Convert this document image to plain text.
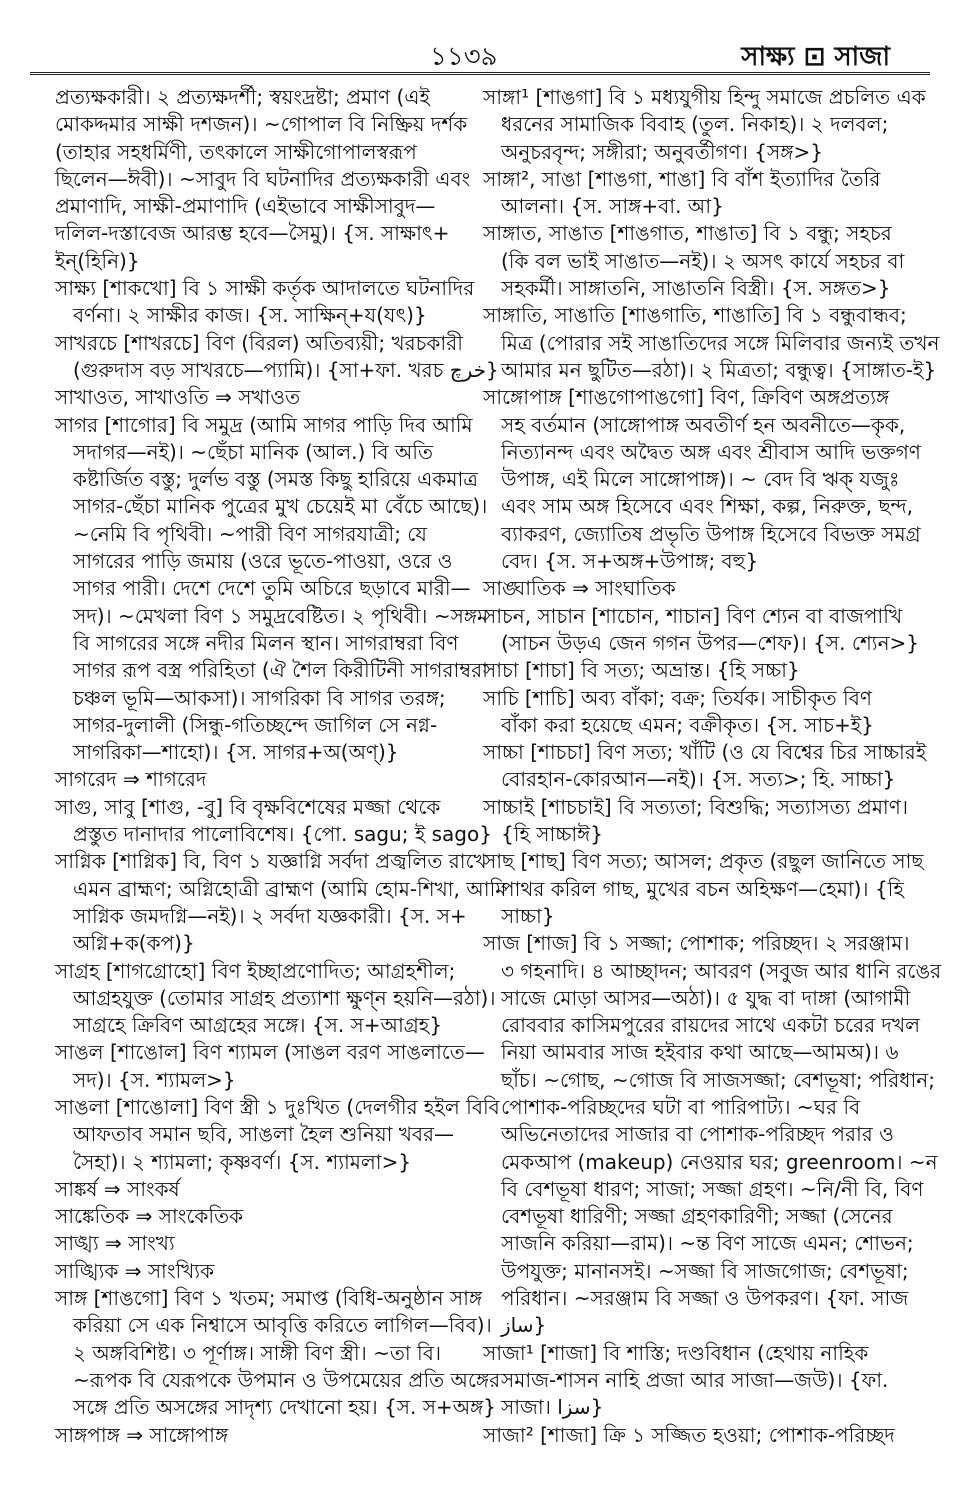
১১৩৯	সাক্ষ্য ⊡ সাজা
প্রত্যক্ষকারী। ২ প্রত্যক্ষদর্শী; স্বয়ংদ্রষ্টা; প্রমাণ (এই
মোকদ্দমার সাক্ষী দশজন)। ~গোপাল বি নিষ্ক্রিয় দর্শক
(তাহার সহধর্মিণী, তৎকালে সাক্ষীগোপালস্বরূপ
ছিলেন—ঈবী)। ~সাবুদ বি ঘটনাদির প্রত্যক্ষকারী এবং
প্রমাণাদি, সাক্ষী-প্রমাণাদি (এইভাবে সাক্ষীসাবুদ—
দলিল-দস্তাবেজ আরম্ভ হবে—সৈমু)। {স. সাক্ষাৎ+
ইন্(হিনি)}
সাক্ষ্য [শাকখো] বি ১ সাক্ষী কর্তৃক আদালতে ঘটনাদির
বর্ণনা। ২ সাক্ষীর কাজ। {স. সাক্ষিন্+য(যৎ)}
সাখরচে [শাখরচে] বিণ (বিরল) অতিব্যয়ী; খরচকারী
(গুরুদাস বড় সাখরচে—প্যামি)। {সা+ফা. খরচ خرچ}
সাখাওত, সাখাওতি ⇒ সখাওত
সাগর [শাগোর] বি সমুদ্র (আমি সাগর পাড়ি দিব আমি
সদাগর—নই)। ~ছেঁচা মানিক (আল.) বি অতি
কষ্টার্জিত বস্তু; দুর্লভ বস্তু (সমস্ত কিছু হারিয়ে একমাত্র
সাগর-ছেঁচা মানিক পুত্রের মুখ চেয়েই মা বেঁচে আছে)।
~নেমি বি পৃথিবী। ~পারী বিণ সাগরযাত্রী; যে
সাগরের পাড়ি জমায় (ওরে ভূতে-পাওয়া, ওরে ও
সাগর পারী। দেশে দেশে তুমি অচিরে ছড়াবে মারী—
সদ)। ~মেখলা বিণ ১ সমুদ্রবেষ্টিত। ২ পৃথিবী। ~সঙ্গম
বি সাগরের সঙ্গে নদীর মিলন স্থান। সাগরাম্বরা বিণ
সাগর রূপ বস্ত্র পরিহিতা (ঐ শৈল কিরীটিনী সাগরাম্বরা
চঞ্চল ভূমি—আকসা)। সাগরিকা বি সাগর তরঙ্গ;
সাগর-দুলালী (সিন্ধু-গতিচ্ছন্দে জাগিল সে নগ্ন-
সাগরিকা—শাহো)। {স. সাগর+অ(অণ্)}
সাগরেদ ⇒ শাগরেদ
সাগু, সাবু [শাগু, -বু] বি বৃক্ষবিশেষের মজ্জা থেকে
প্রস্তুত দানাদার পালোবিশেষ। {পো. sagu; ই sago}
সাগ্নিক [শাগ্নিক] বি, বিণ ১ যজ্ঞাগ্নি সর্বদা প্রজ্বলিত রাখে
এমন ব্রাহ্মণ; অগ্নিহোত্রী ব্রাহ্মণ (আমি হোম-শিখা, আমি
সাগ্নিক জমদগ্নি—নই)। ২ সর্বদা যজ্ঞকারী। {স. স+
অগ্নি+ক(কপ)}
সাগ্রহ [শাগগ্রোহো] বিণ ইচ্ছাপ্রণোদিত; আগ্রহশীল;
আগ্রহযুক্ত (তোমার সাগ্রহ প্রত্যাশা ক্ষুণ্ন হয়নি—রঠা)।
সাগ্রহে ক্রিবিণ আগ্রহের সঙ্গে। {স. স+আগ্রহ}
সাঙল [শাঙোল] বিণ শ্যামল (সাঙল বরণ সাঙলাতে—
সদ)। {স. শ্যামল>}
সাঙলা [শাঙোলা] বিণ স্ত্রী ১ দুঃখিত (দেলগীর হইল বিবি
আফতাব সমান ছবি, সাঙলা হৈল শুনিয়া খবর—
সৈহা)। ২ শ্যামলা; কৃষ্ণবর্ণ। {স. শ্যামলা>}
সাঙ্কর্ষ ⇒ সাংকর্ষ
সাঙ্কেতিক ⇒ সাংকেতিক
সাঙ্খ্য ⇒ সাংখ্য
সাঙ্খ্যিক ⇒ সাংখ্যিক
সাঙ্গ [শাঙগো] বিণ ১ খতম; সমাপ্ত (বিধি-অনুষ্ঠান সাঙ্গ
করিয়া সে এক নিশ্বাসে আবৃত্তি করিতে লাগিল—বিব)।
২ অঙ্গবিশিষ্ট। ৩ পূর্ণাঙ্গ। সাঙ্গী বিণ স্ত্রী। ~তা বি।
~রূপক বি যেরূপকে উপমান ও উপমেয়ের প্রতি অঙ্গের
সঙ্গে প্রতি অসঙ্গের সাদৃশ্য দেখানো হয়। {স. স+অঙ্গ}
সাঙ্গপাঙ্গ ⇒ সাঙ্গোপাঙ্গ
সাঙ্গা¹ [শাঙগা] বি ১ মধ্যযুগীয় হিন্দু সমাজে প্রচলিত এক
ধরনের সামাজিক বিবাহ (তুল. নিকাহ)। ২ দলবল;
অনুচরবৃন্দ; সঙ্গীরা; অনুবর্তীগণ। {সঙ্গ>}
সাঙ্গা², সাঙা [শাঙগা, শাঙা] বি বাঁশ ইত্যাদির তৈরি
আলনা। {স. সাঙ্গ+বা. আ}
সাঙ্গাত, সাঙাত [শাঙগাত, শাঙাত] বি ১ বন্ধু; সহচর
(কি বল ভাই সাঙাত—নই)। ২ অসৎ কার্যে সহচর বা
সহকর্মী। সাঙ্গাতনি, সাঙাতনি বিস্ত্রী। {স. সঙ্গত>}
সাঙ্গাতি, সাঙাতি [শাঙগাতি, শাঙাতি] বি ১ বন্ধুবান্ধব;
মিত্র (পোরার সই সাঙাতিদের সঙ্গে মিলিবার জন্যই তখন
আমার মন ছুটিত—রঠা)। ২ মিত্রতা; বন্ধুত্ব। {সাঙ্গাত-ই}
সাঙ্গোপাঙ্গ [শাঙগোপাঙগো] বিণ, ক্রিবিণ অঙ্গপ্রত্যঙ্গ
সহ বর্তমান (সাঙ্গোপাঙ্গ অবতীর্ণ হন অবনীতে—কৃক,
নিত্যানন্দ এবং অদ্বৈত অঙ্গ এবং শ্রীবাস আদি ভক্তগণ
উপাঙ্গ, এই মিলে সাঙ্গোপাঙ্গ)। ~ বেদ বি ঋক্ যজুঃ
এবং সাম অঙ্গ হিসেবে এবং শিক্ষা, কল্প, নিরুক্ত, ছন্দ,
ব্যাকরণ, জ্যোতিষ প্রভৃতি উপাঙ্গ হিসেবে বিভক্ত সমগ্র
বেদ। {স. স+অঙ্গ+উপাঙ্গ; বহু}
সাঙ্ঘাতিক ⇒ সাংঘাতিক
সাচন, সাচান [শাচোন, শাচান] বিণ শ্যেন বা বাজপাখি
(সাচন উড়এ জেন গগন উপর—শেফ)। {স. শ্যেন>}
সাচা [শাচা] বি সত্য; অভ্রান্ত। {হি সচ্চা}
সাচি [শাচি] অব্য বাঁকা; বক্র; তির্যক। সাচীকৃত বিণ
বাঁকা করা হয়েছে এমন; বক্রীকৃত। {স. সাচ+ই}
সাচ্চা [শাচচা] বিণ সত্য; খাঁটি (ও যে বিশ্বের চির সাচ্চারই
বোরহান-কোরআন—নই)। {স. সত্য>; হি. সাচ্চা}
সাচ্চাই [শাচচাই] বি সত্যতা; বিশুদ্ধি; সত্যাসত্য প্রমাণ।
{হি সাচ্চাঈ}
সাছ [শাছ] বিণ সত্য; আসল; প্রকৃত (রছুল জানিতে সাছ
পাথর করিল গাছ, মুখের বচন অহিক্ষণ—হেমা)। {হি
সাচ্চা}
সাজ [শাজ] বি ১ সজ্জা; পোশাক; পরিচ্ছদ। ২ সরঞ্জাম।
৩ গহনাদি। ৪ আচ্ছাদন; আবরণ (সবুজ আর ধানি রঙের
সাজে মোড়া আসর—অঠা)। ৫ যুদ্ধ বা দাঙ্গা (আগামী
রোববার কাসিমপুরের রায়দের সাথে একটা চরের দখল
নিয়া আমবার সাজ হইবার কথা আছে—আমঅ)। ৬
ছাঁচ। ~গোছ, ~গোজ বি সাজসজ্জা; বেশভূষা; পরিধান;
পোশাক-পরিচ্ছদের ঘটা বা পারিপাট্য। ~ঘর বি
অভিনেতাদের সাজার বা পোশাক-পরিচ্ছদ পরার ও
মেকআপ (makeup) নেওয়ার ঘর; greenroom। ~ন
বি বেশভূষা ধারণ; সাজা; সজ্জা গ্রহণ। ~নি/নী বি, বিণ
বেশভূষা ধারিণী; সজ্জা গ্রহণকারিণী; সজ্জা (সেনের
সাজনি করিয়া—রাম)। ~ন্ত বিণ সাজে এমন; শোভন;
উপযুক্ত; মানানসই। ~সজ্জা বি সাজগোজ; বেশভূষা;
পরিধান। ~সরঞ্জাম বি সজ্জা ও উপকরণ। {ফা. সাজ
ساز}
সাজা¹ [শাজা] বি শাস্তি; দণ্ডবিধান (হেথায় নাহিক
সমাজ-শাসন নাহি প্রজা আর সাজা—জউ)। {ফা.
সাজা। سزا}
সাজা² [শাজা] ক্রি ১ সজ্জিত হওয়া; পোশাক-পরিচ্ছদ
